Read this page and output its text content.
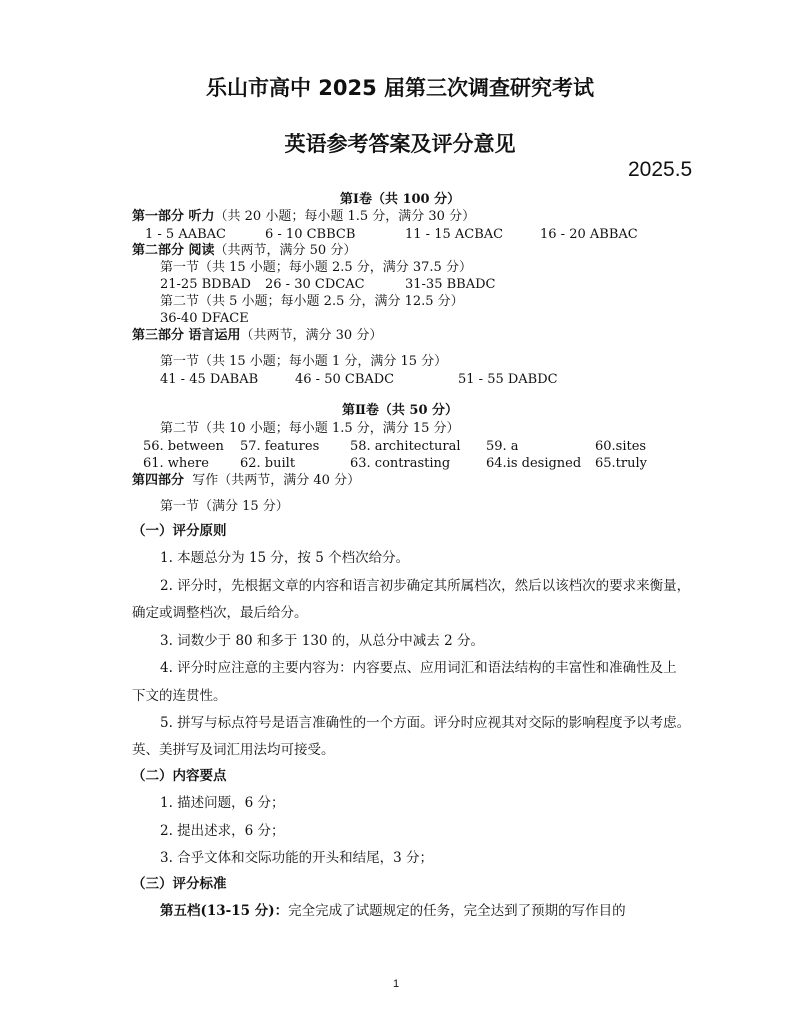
乐山市高中 2025 届第三次调查研究考试
英语参考答案及评分意见
2025.5
第Ⅰ卷（共 100 分）
第一部分 听力（共 20 小题；每小题 1.5 分，满分 30 分）
1 - 5 AABAC	6 - 10 CBBCB	11 - 15 ACBAC	16 - 20 ABBAC
第二部分 阅读（共两节，满分 50 分）
第一节（共 15 小题；每小题 2.5 分，满分 37.5 分）
21-25 BDBAD 26 - 30 CDCAC	31-35 BBADC
第二节（共 5 小题；每小题 2.5 分，满分 12.5 分）
36-40 DFACE
第三部分 语言运用（共两节，满分 30 分）
第一节（共 15 小题；每小题 1 分，满分 15 分）
41 - 45 DABAB	46 - 50 CBADC	51 - 55 DABDC
第Ⅱ卷（共 50 分）
第二节（共 10 小题；每小题 1.5 分，满分 15 分）
56. between 57. features 58. architectural 59. a	60.sites
61. where 62. built	63. contrasting	64.is designed 65.truly
第四部分 写作（共两节，满分 40 分）
第一节（满分 15 分）
（一）评分原则
1. 本题总分为 15 分，按 5 个档次给分。
2. 评分时，先根据文章的内容和语言初步确定其所属档次，然后以该档次的要求来衡量，
确定或调整档次，最后给分。
3. 词数少于 80 和多于 130 的，从总分中减去 2 分。
4. 评分时应注意的主要内容为：内容要点、应用词汇和语法结构的丰富性和准确性及上
下文的连贯性。
5. 拼写与标点符号是语言准确性的一个方面。评分时应视其对交际的影响程度予以考虑。
英、美拼写及词汇用法均可接受。
（二）内容要点
1. 描述问题，6 分；
2. 提出述求，6 分；
3. 合乎文体和交际功能的开头和结尾，3 分；
（三）评分标准
第五档(13-15 分)：完全完成了试题规定的任务，完全达到了预期的写作目的
1
